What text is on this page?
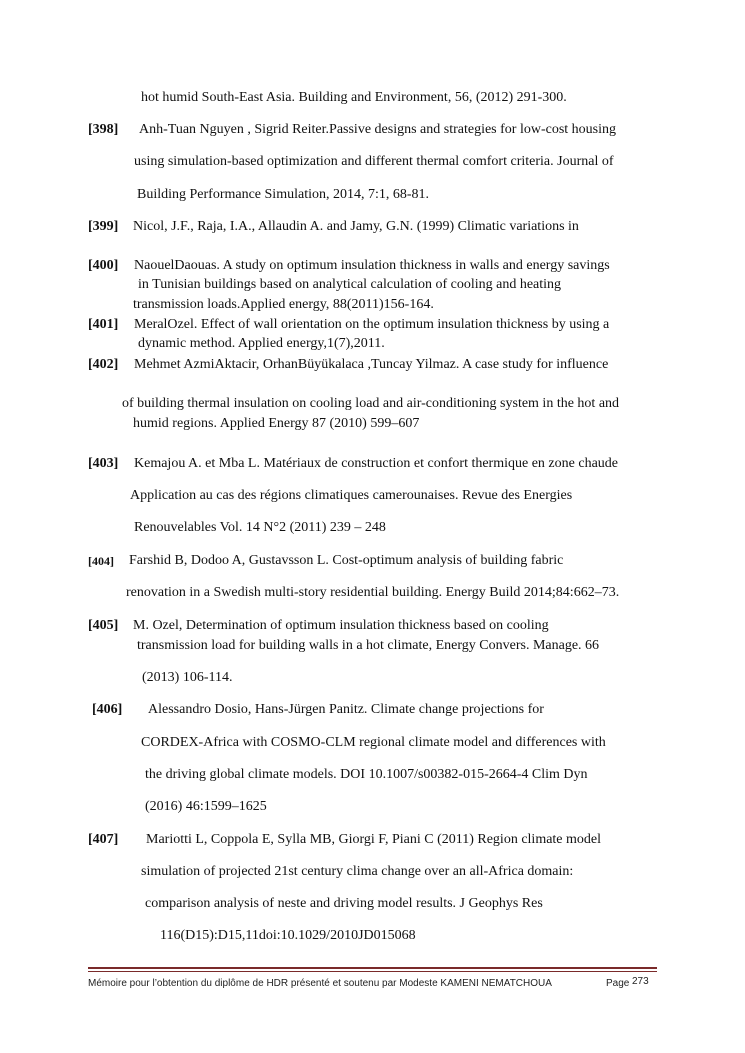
hot humid South-East Asia. Building and Environment, 56, (2012) 291-300.
[398] Anh-Tuan Nguyen , Sigrid Reiter.Passive designs and strategies for low-cost housing
using simulation-based optimization and different thermal comfort criteria. Journal of
Building Performance Simulation, 2014, 7:1, 68-81.
[399] Nicol, J.F., Raja, I.A., Allaudin A. and Jamy, G.N. (1999) Climatic variations in
[400] NaouelDaouas. A study on optimum insulation thickness in walls and energy savings
in Tunisian buildings based on analytical calculation of cooling and heating
transmission loads.Applied energy, 88(2011)156-164.
[401] MeralOzel. Effect of wall orientation on the optimum insulation thickness by using a
dynamic method. Applied energy,1(7),2011.
[402] Mehmet AzmiAktacir, OrhanBüyükalaca ,Tuncay Yilmaz. A case study for influence
of building thermal insulation on cooling load and air-conditioning system in the hot and
humid regions. Applied Energy 87 (2010) 599–607
[403] Kemajou A. et Mba L. Matériaux de construction et confort thermique en zone chaude
Application au cas des régions climatiques camerounaises. Revue des Energies
Renouvelables Vol. 14 N°2 (2011) 239 – 248
[404] Farshid B, Dodoo A, Gustavsson L. Cost-optimum analysis of building fabric
renovation in a Swedish multi-story residential building. Energy Build 2014;84:662–73.
[405] M. Ozel, Determination of optimum insulation thickness based on cooling
transmission load for building walls in a hot climate, Energy Convers. Manage. 66
(2013) 106-114.
[406] Alessandro Dosio, Hans-Jürgen Panitz. Climate change projections for
CORDEX-Africa with COSMO-CLM regional climate model and differences with
the driving global climate models. DOI 10.1007/s00382-015-2664-4 Clim Dyn
(2016) 46:1599–1625
[407] Mariotti L, Coppola E, Sylla MB, Giorgi F, Piani C (2011) Region climate model
simulation of projected 21st century clima change over an all-Africa domain:
comparison analysis of neste and driving model results. J Geophys Res
116(D15):D15,11doi:10.1029/2010JD015068
Mémoire pour l’obtention du diplôme de HDR présenté et soutenu par Modeste KAMENI NEMATCHOUA	Page 273
